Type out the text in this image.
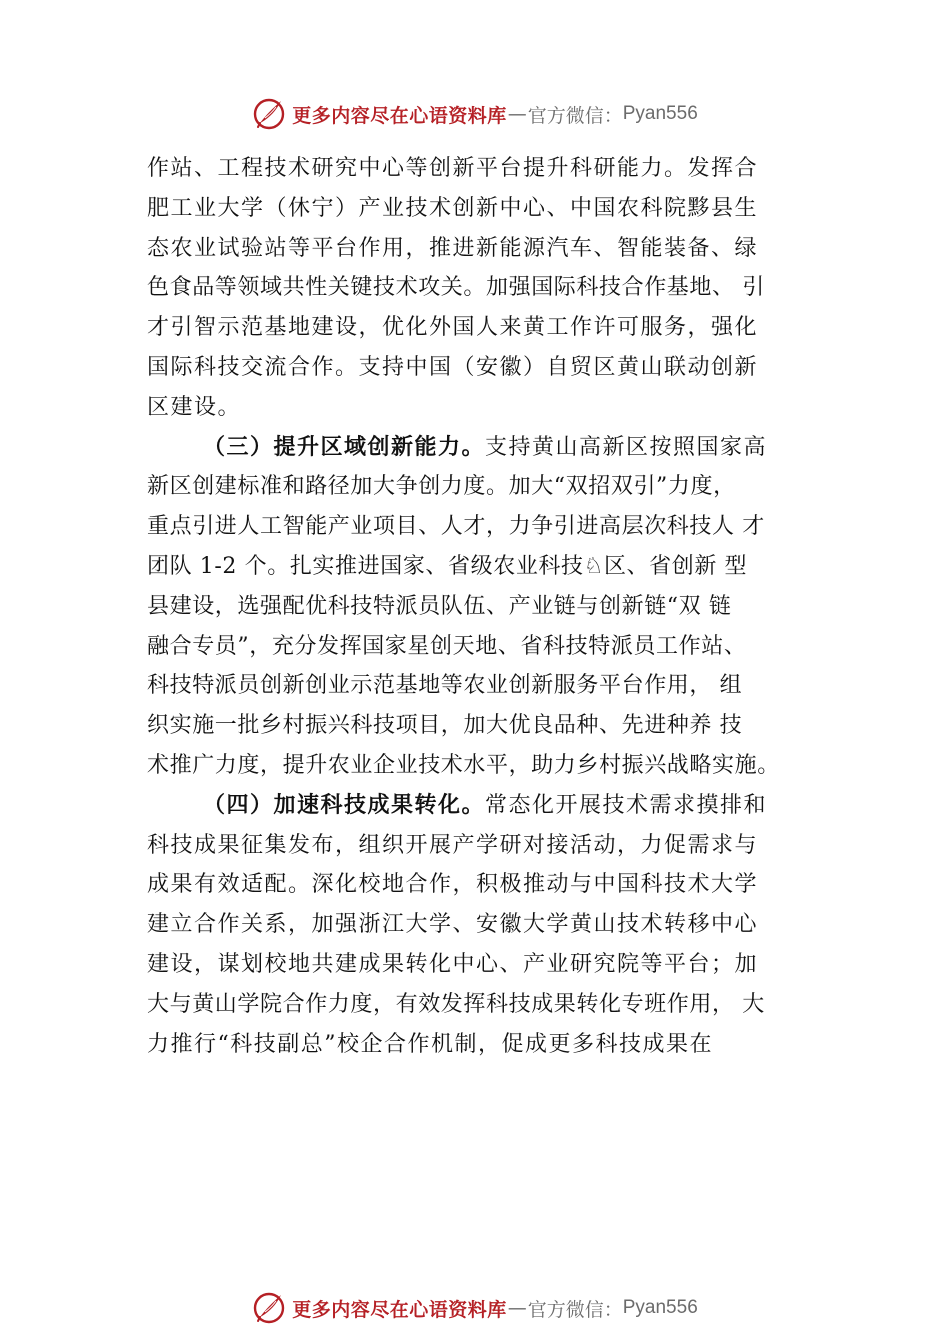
更多内容尽在心语资料库 — 官方微信： Pyan556
作站、工程技术研究中心等创新平台提升科研能力。发挥合
肥工业大学（休宁）产业技术创新中心、中国农科院黟县生
态农业试验站等平台作用，推进新能源汽车、智能装备、绿
色食品等领域共性关键技术攻关。加强国际科技合作基地、 引
才引智示范基地建设，优化外国人来黄工作许可服务，强化
国际科技交流合作。支持中国（安徽）自贸区黄山联动创新
区建设。
（三）提升区域创新能力。支持黄山高新区按照国家高
新区创建标准和路径加大争创力度。加大“双招双引”力度，
重点引进人工智能产业项目、人才，力争引进高层次科技人 才
团队 1-2 个。扎实推进国家、省级农业科技♘区、省创新 型
县建设，选强配优科技特派员队伍、产业链与创新链“双 链
融合专员”，充分发挥国家星创天地、省科技特派员工作站、
科技特派员创新创业示范基地等农业创新服务平台作用， 组
织实施一批乡村振兴科技项目，加大优良品种、先进种养 技
术推广力度，提升农业企业技术水平，助力乡村振兴战略实施。
（四）加速科技成果转化。常态化开展技术需求摸排和
科技成果征集发布，组织开展产学研对接活动，力促需求与
成果有效适配。深化校地合作，积极推动与中国科技术大学
建立合作关系，加强浙江大学、安徽大学黄山技术转移中心
建设，谋划校地共建成果转化中心、产业研究院等平台；加
大与黄山学院合作力度，有效发挥科技成果转化专班作用， 大
力推行“科技副总”校企合作机制，促成更多科技成果在
更多内容尽在心语资料库 — 官方微信： Pyan556
